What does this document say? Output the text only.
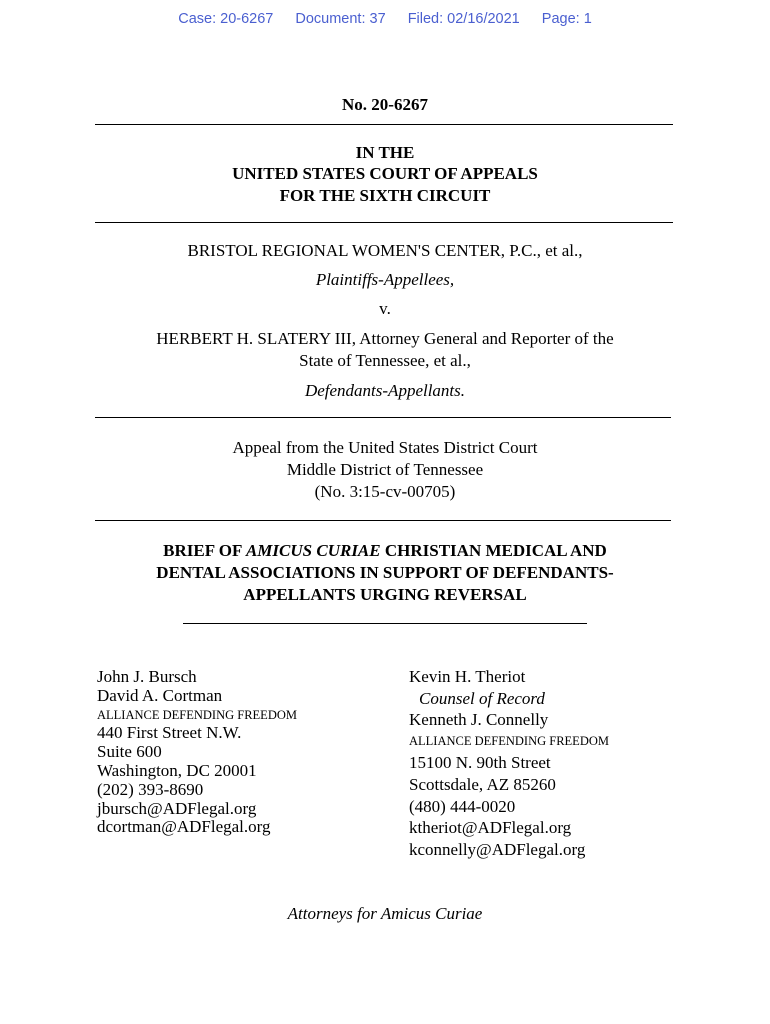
Case: 20-6267 Document: 37 Filed: 02/16/2021 Page: 1
No. 20-6267
IN THE
UNITED STATES COURT OF APPEALS
FOR THE SIXTH CIRCUIT
BRISTOL REGIONAL WOMEN'S CENTER, P.C., et al.,
Plaintiffs-Appellees,
v.
HERBERT H. SLATERY III, Attorney General and Reporter of the
State of Tennessee, et al.,
Defendants-Appellants.
Appeal from the United States District Court
Middle District of Tennessee
(No. 3:15-cv-00705)
BRIEF OF AMICUS CURIAE CHRISTIAN MEDICAL AND
DENTAL ASSOCIATIONS IN SUPPORT OF DEFENDANTS-
APPELLANTS URGING REVERSAL
John J. Bursch
David A. Cortman
ALLIANCE DEFENDING FREEDOM
440 First Street N.W.
Suite 600
Washington, DC 20001
(202) 393-8690
jbursch@ADFlegal.org
dcortman@ADFlegal.org
Kevin H. Theriot
Counsel of Record
Kenneth J. Connelly
ALLIANCE DEFENDING FREEDOM
15100 N. 90th Street
Scottsdale, AZ 85260
(480) 444-0020
ktheriot@ADFlegal.org
kconnelly@ADFlegal.org
Attorneys for Amicus Curiae
